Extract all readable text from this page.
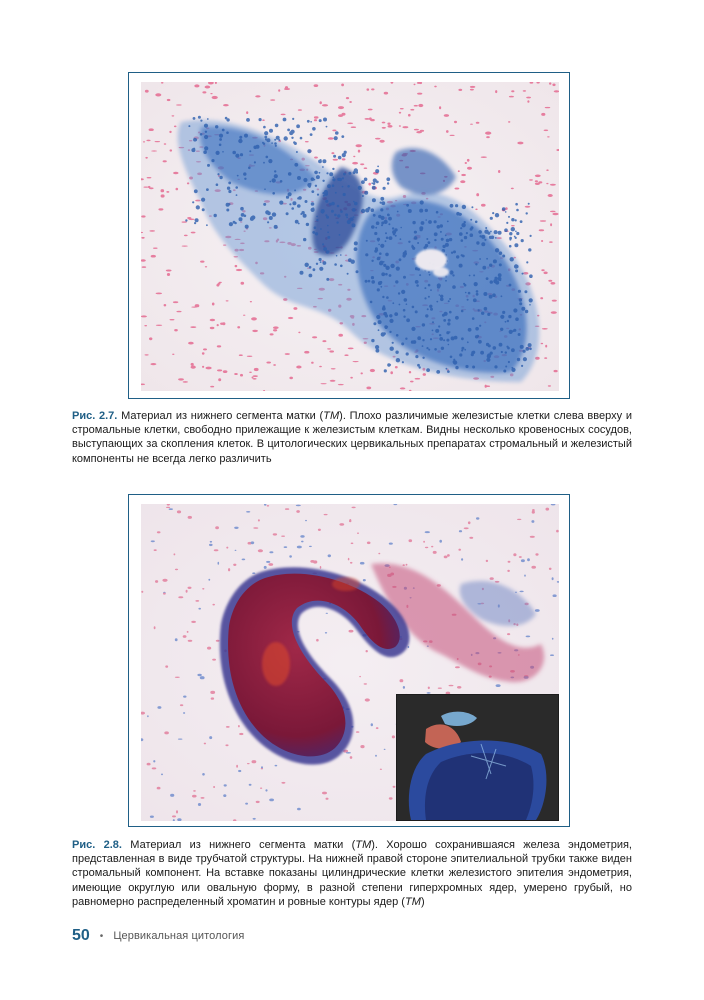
Рис. 2.7. Материал из нижнего сегмента матки (ТМ). Плохо различимые железистые клетки слева вверху и стромальные клетки, свободно прилежащие к железистым клеткам. Видны несколько кровеносных сосудов, выступающих за скопления клеток. В цитологических цервикальных препаратах стромальный и железистый компоненты не всегда легко различить
Рис. 2.8. Материал из нижнего сегмента матки (ТМ). Хорошо сохранившаяся железа эндометрия, представленная в виде трубчатой структуры. На нижней правой стороне эпителиальной трубки также виден стромальный компонент. На вставке показаны цилиндрические клетки железистого эпителия эндометрия, имеющие округлую или овальную форму, в разной степени гиперхромных ядер, умерено грубый, но равномерно распределенный хроматин и ровные контуры ядер (ТМ)
50 • Цервикальная цитология
